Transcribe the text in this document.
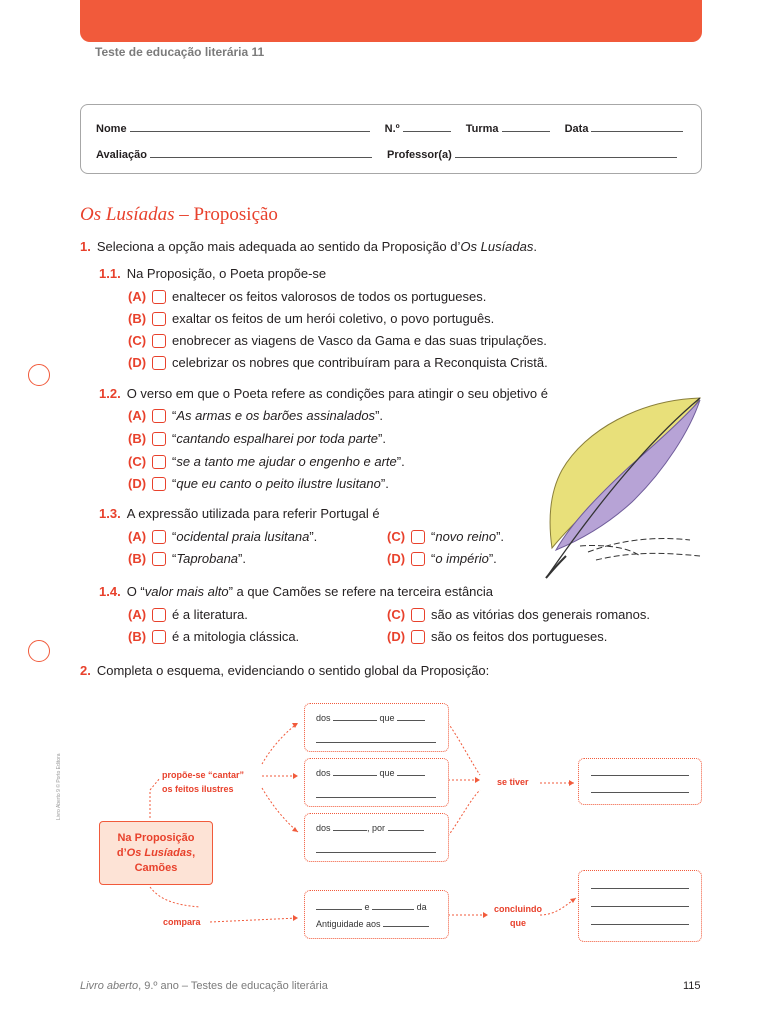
Teste de educação literária 11
Nome	N.º	Turma	Data
Avaliação	Professor(a)
Os Lusíadas – Proposição
1. Seleciona a opção mais adequada ao sentido da Proposição d’Os Lusíadas.
1.1. Na Proposição, o Poeta propõe-se
(A)	enaltecer os feitos valorosos de todos os portugueses.
(B)	exaltar os feitos de um herói coletivo, o povo português.
(C)	enobrecer as viagens de Vasco da Gama e das suas tripulações.
(D)	celebrizar os nobres que contribuíram para a Reconquista Cristã.
1.2. O verso em que o Poeta refere as condições para atingir o seu objetivo é
(A)	“ As armas e os barões assinalados ”.
(B)	“ cantando espalharei por toda parte ”.
(C)	“ se a tanto me ajudar o engenho e arte ”.
(D)	“ que eu canto o peito ilustre lusitano ”.
1.3. A expressão utilizada para referir Portugal é
(A)	“ ocidental praia lusitana ”.
(B)	“ Taprobana ”.
(C)	“ novo reino ”.
(D)	“ o império ”.
1.4. O “valor mais alto” a que Camões se refere na terceira estância
(A)	é a literatura.
(B)	é a mitologia clássica.
(C)	são as vitórias dos generais romanos.
(D)	são os feitos dos portugueses.
2. Completa o esquema, evidenciando o sentido global da Proposição:
Livro Aberto 9 © Porto Editora
Na Proposição
d’Os Lusíadas,
Camões
propõe-se “cantar”
os feitos ilustres
compara
se tiver
concluindo
que
dos	que
dos	que
dos	, por
e	da
Antiguidade aos
Livro aberto, 9.º ano – Testes de educação literária	115
